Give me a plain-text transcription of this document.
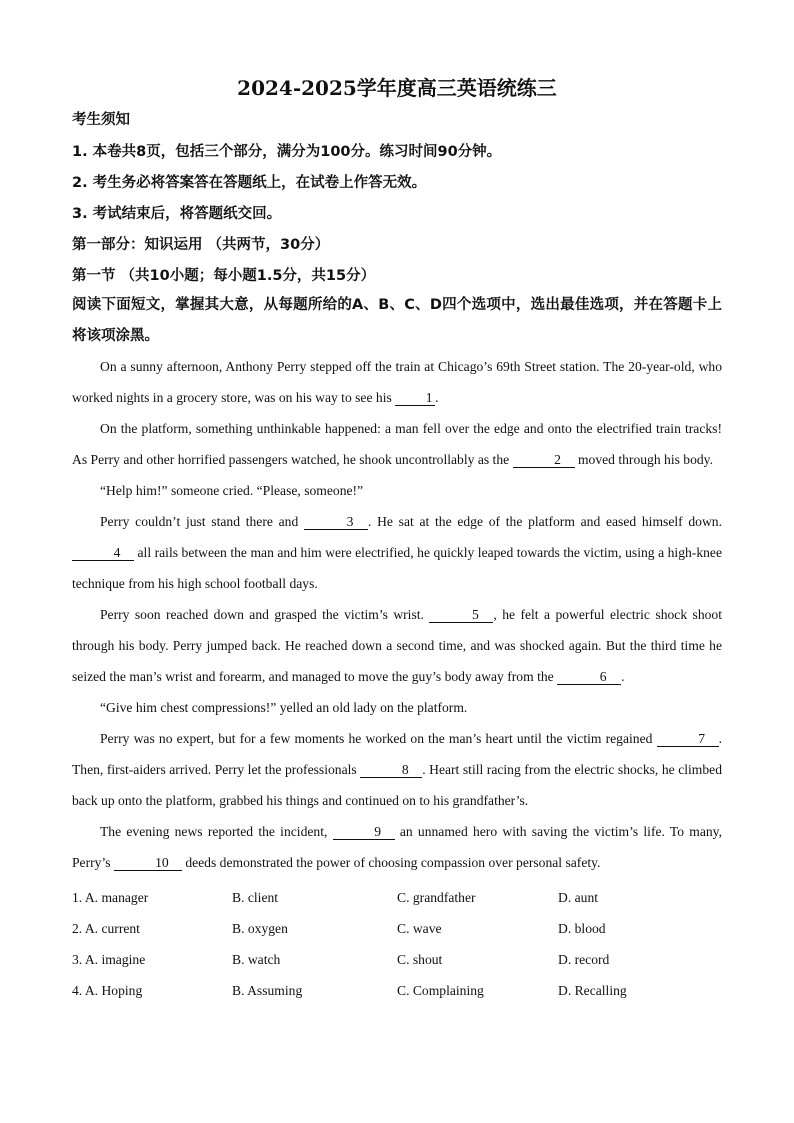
2024-2025学年度高三英语统练三
考生须知
1. 本卷共8页，包括三个部分，满分为100分。练习时间90分钟。
2. 考生务必将答案答在答题纸上，在试卷上作答无效。
3. 考试结束后，将答题纸交回。
第一部分：知识运用 （共两节，30分）
第一节 （共10小题；每小题1.5分，共15分）
阅读下面短文，掌握其大意，从每题所给的A、B、C、D四个选项中，选出最佳选项，并在答题卡上将该项涂黑。
On a sunny afternoon, Anthony Perry stepped off the train at Chicago’s 69th Street station. The 20-year-old, who worked nights in a grocery store, was on his way to see his 1 .
On the platform, something unthinkable happened: a man fell over the edge and onto the electrified train tracks! As Perry and other horrified passengers watched, he shook uncontrollably as the	2 moved through his body.
“Help him!” someone cried. “Please, someone!”
Perry couldn’t just stand there and	3 . He sat at the edge of the platform and eased himself down. 4 all rails between the man and him were electrified, he quickly leaped towards the victim, using a high-knee technique from his high school football days.
Perry soon reached down and grasped the victim’s wrist.	5 , he felt a powerful electric shock shoot through his body. Perry jumped back. He reached down a second time, and was shocked again. But the third time he seized the man’s wrist and forearm, and managed to move the guy’s body away from the	6 .
“Give him chest compressions!” yelled an old lady on the platform.
Perry was no expert, but for a few moments he worked on the man’s heart until the victim regained	7 . Then, first-aiders arrived. Perry let the professionals	8 . Heart still racing from the electric shocks, he climbed back up onto the platform, grabbed his things and continued on to his grandfather’s.
The evening news reported the incident,	9 an unnamed hero with saving the victim’s life. To many, Perry’s	10 deeds demonstrated the power of choosing compassion over personal safety.
1. A. manager	B. client	C. grandfather	D. aunt
2. A. current	B. oxygen	C. wave	D. blood
3. A. imagine	B. watch	C. shout	D. record
4. A. Hoping	B. Assuming	C. Complaining	D. Recalling
